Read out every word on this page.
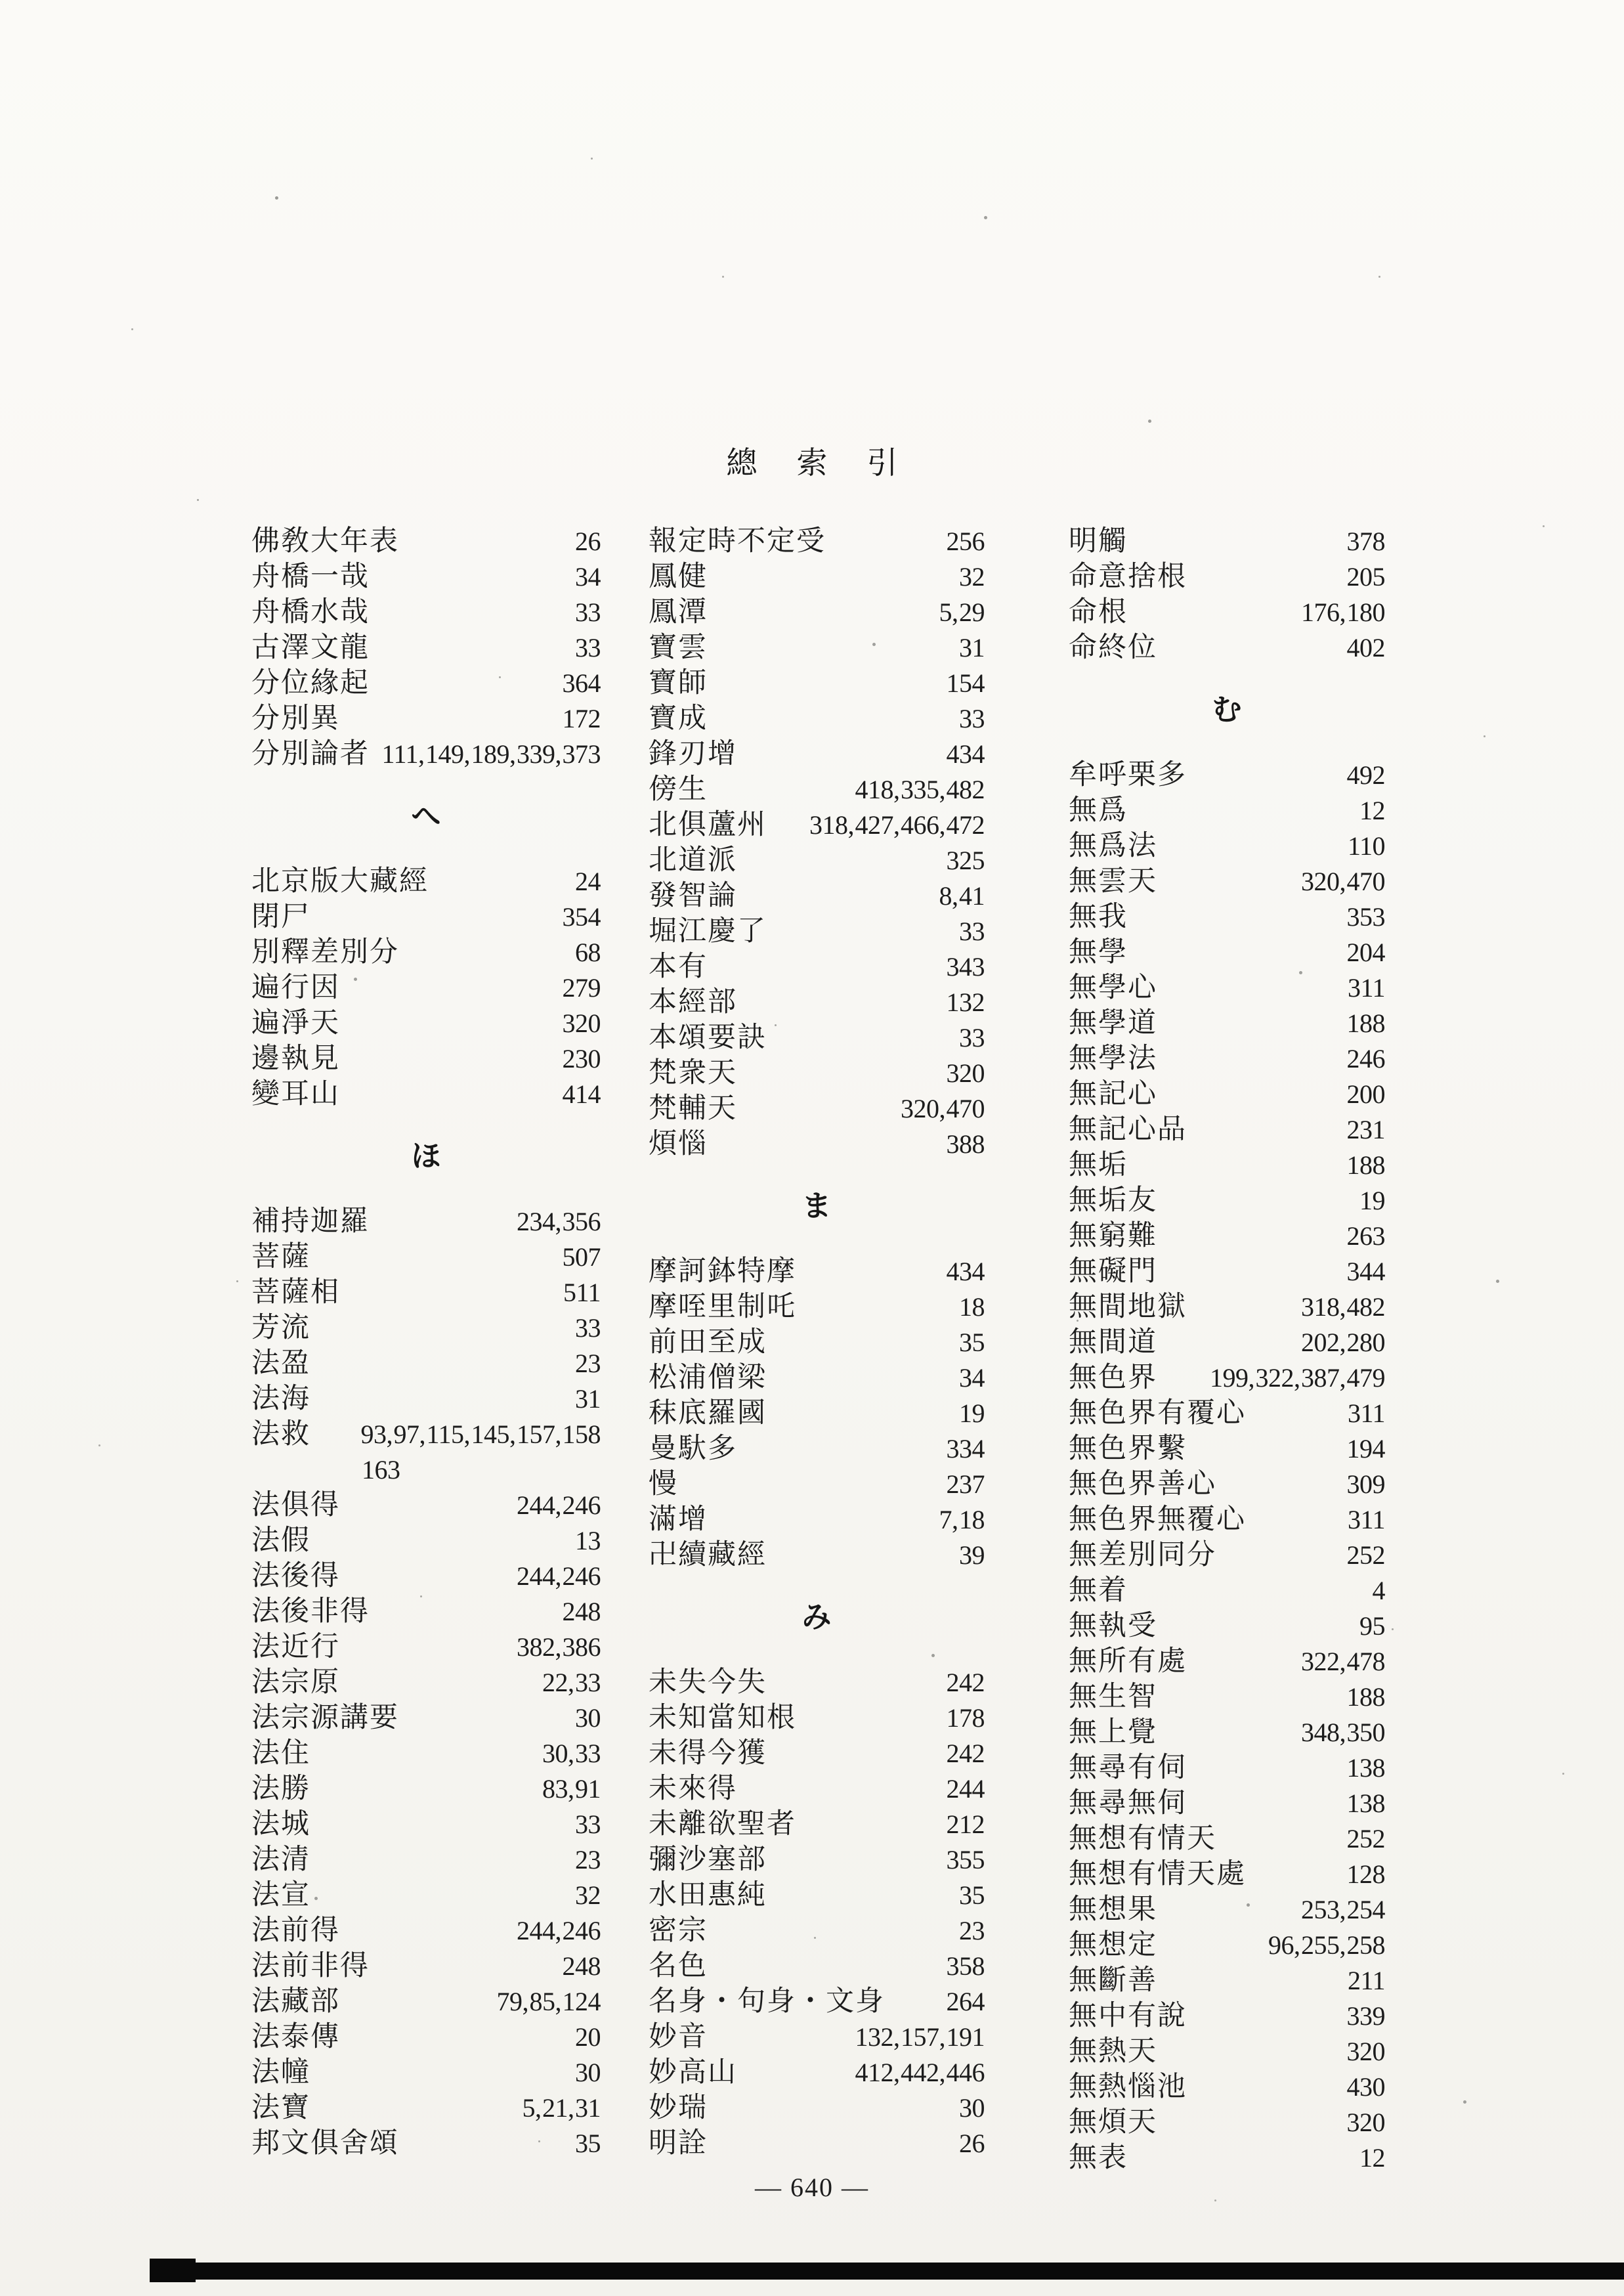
總索引
佛敎大年表	26
舟橋一哉	34
舟橋水哉	33
古澤文龍	33
分位緣起	364
分別異	172
分別論者 111, 149, 189, 339, 373
へ
北京版大藏經	24
閉尸	354
別釋差別分	68
遍行因	279
遍淨天	320
邊執見	230
變耳山	414
ほ
補持迦羅	234, 356
菩薩	507
菩薩相	511
芳流	33
法盈	23
法海	31
法救 93, 97, 115, 145, 157, 158
163
法俱得	244, 246
法假	13
法後得	244, 246
法後非得	248
法近行	382, 386
法宗原	22, 33
法宗源講要	30
法住	30, 33
法勝	83, 91
法城	33
法清	23
法宣	32
法前得	244, 246
法前非得	248
法藏部	79, 85, 124
法泰傳	20
法幢	30
法寶	5, 21, 31
邦文俱舍頌	35
報定時不定受	256
鳳健	32
鳳潭	5, 29
寶雲	31
寶師	154
寶成	33
鋒刃增	434
傍生	418, 335, 482
北俱蘆州 318, 427, 466, 472
北道派	325
發智論	8, 41
堀江慶了	33
本有	343
本經部	132
本頌要訣	33
梵衆天	320
梵輔天	320, 470
煩惱	388
ま
摩訶鉢特摩	434
摩咥里制吒	18
前田至成	35
松浦僧梁	34
秣底羅國	19
曼馱多	334
慢	237
滿增	7, 18
卍續藏經	39
み
未失今失	242
未知當知根	178
未得今獲	242
未來得	244
未離欲聖者	212
彌沙塞部	355
水田惠純	35
密宗	23
名色	358
名身・句身・文身 264
妙音	132, 157, 191
妙高山	412, 442, 446
妙瑞	30
明詮	26
明觸	378
命意捨根	205
命根	176, 180
命終位	402
む
牟呼栗多	492
無爲	12
無爲法	110
無雲天	320, 470
無我	353
無學	204
無學心	311
無學道	188
無學法	246
無記心	200
無記心品	231
無垢	188
無垢友	19
無窮難	263
無礙門	344
無間地獄	318, 482
無間道	202, 280
無色界 199, 322, 387, 479
無色界有覆心	311
無色界繫	194
無色界善心	309
無色界無覆心	311
無差別同分	252
無着	4
無執受	95
無所有處	322, 478
無生智	188
無上覺	348, 350
無尋有伺	138
無尋無伺	138
無想有情天	252
無想有情天處	128
無想果	253, 254
無想定	96, 255, 258
無斷善	211
無中有說	339
無熱天	320
無熱惱池	430
無煩天	320
無表	12
— 640 —
